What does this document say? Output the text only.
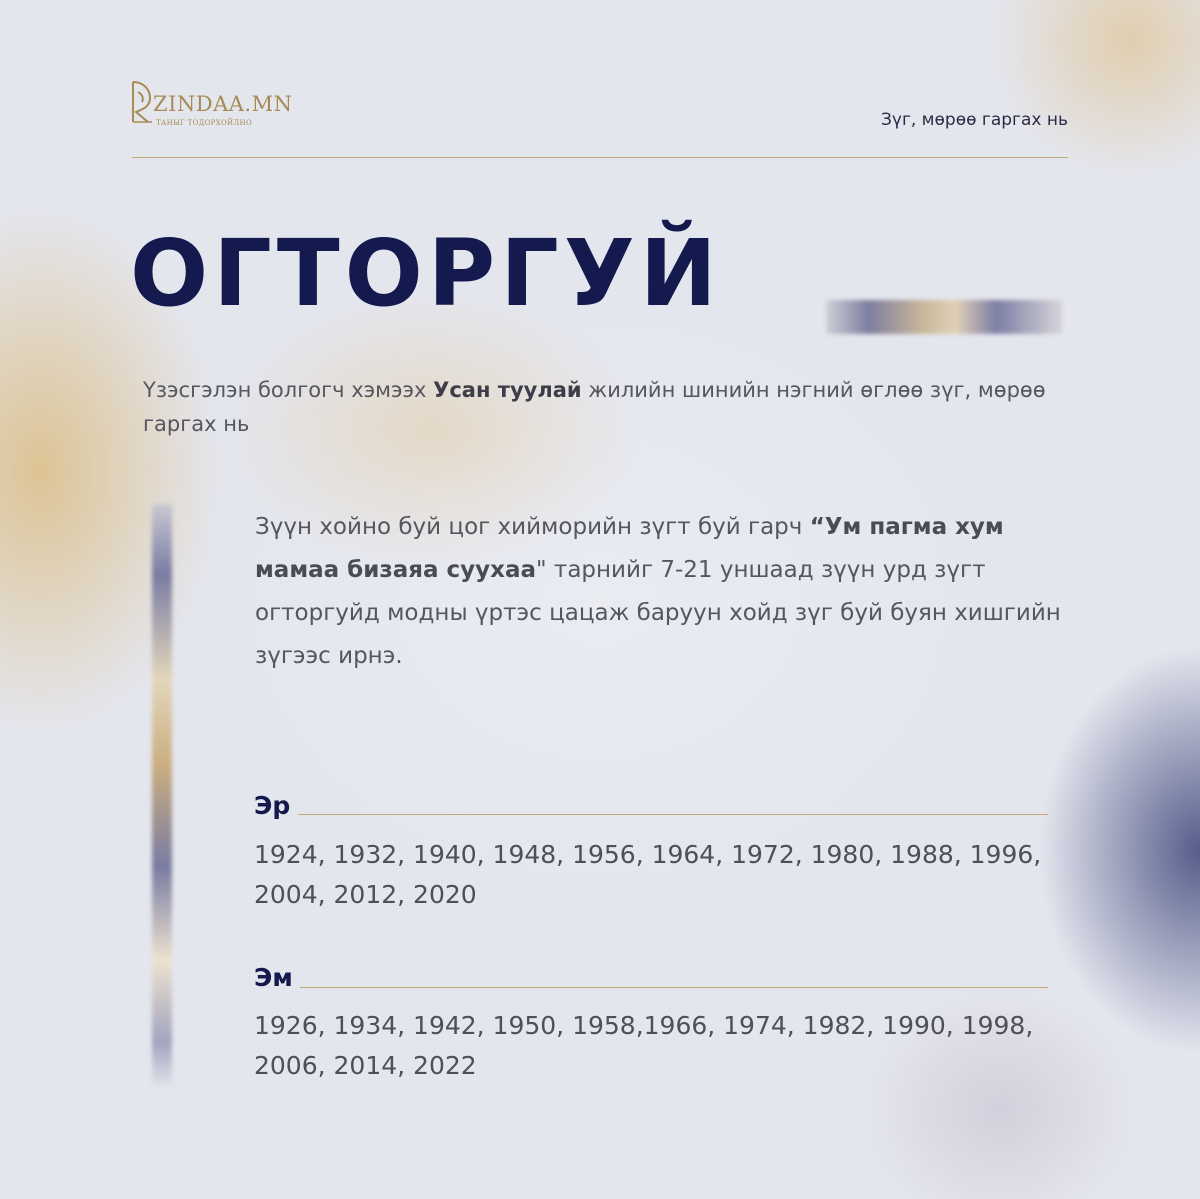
ZINDAA.MN
ТАНЫГ ТОДОРХОЙЛНО	Зүг, мөрөө гаргах нь
ОГТОРГУЙ
Үзэсгэлэн болгогч хэмээх Усан туулай жилийн шинийн нэгний өглөө зүг, мөрөө гаргах нь
Зүүн хойно буй цог хийморийн зүгт буй гарч “Ум пагма хум мамаа бизаяа суухаа" тарнийг 7-21 уншаад зүүн урд зүгт огторгуйд модны үртэс цацаж баруун хойд зүг буй буян хишгийн зүгээс ирнэ.
Эр
1924, 1932, 1940, 1948, 1956, 1964, 1972, 1980, 1988, 1996,
2004, 2012, 2020
Эм
1926, 1934, 1942, 1950, 1958,1966, 1974, 1982, 1990, 1998,
2006, 2014, 2022
